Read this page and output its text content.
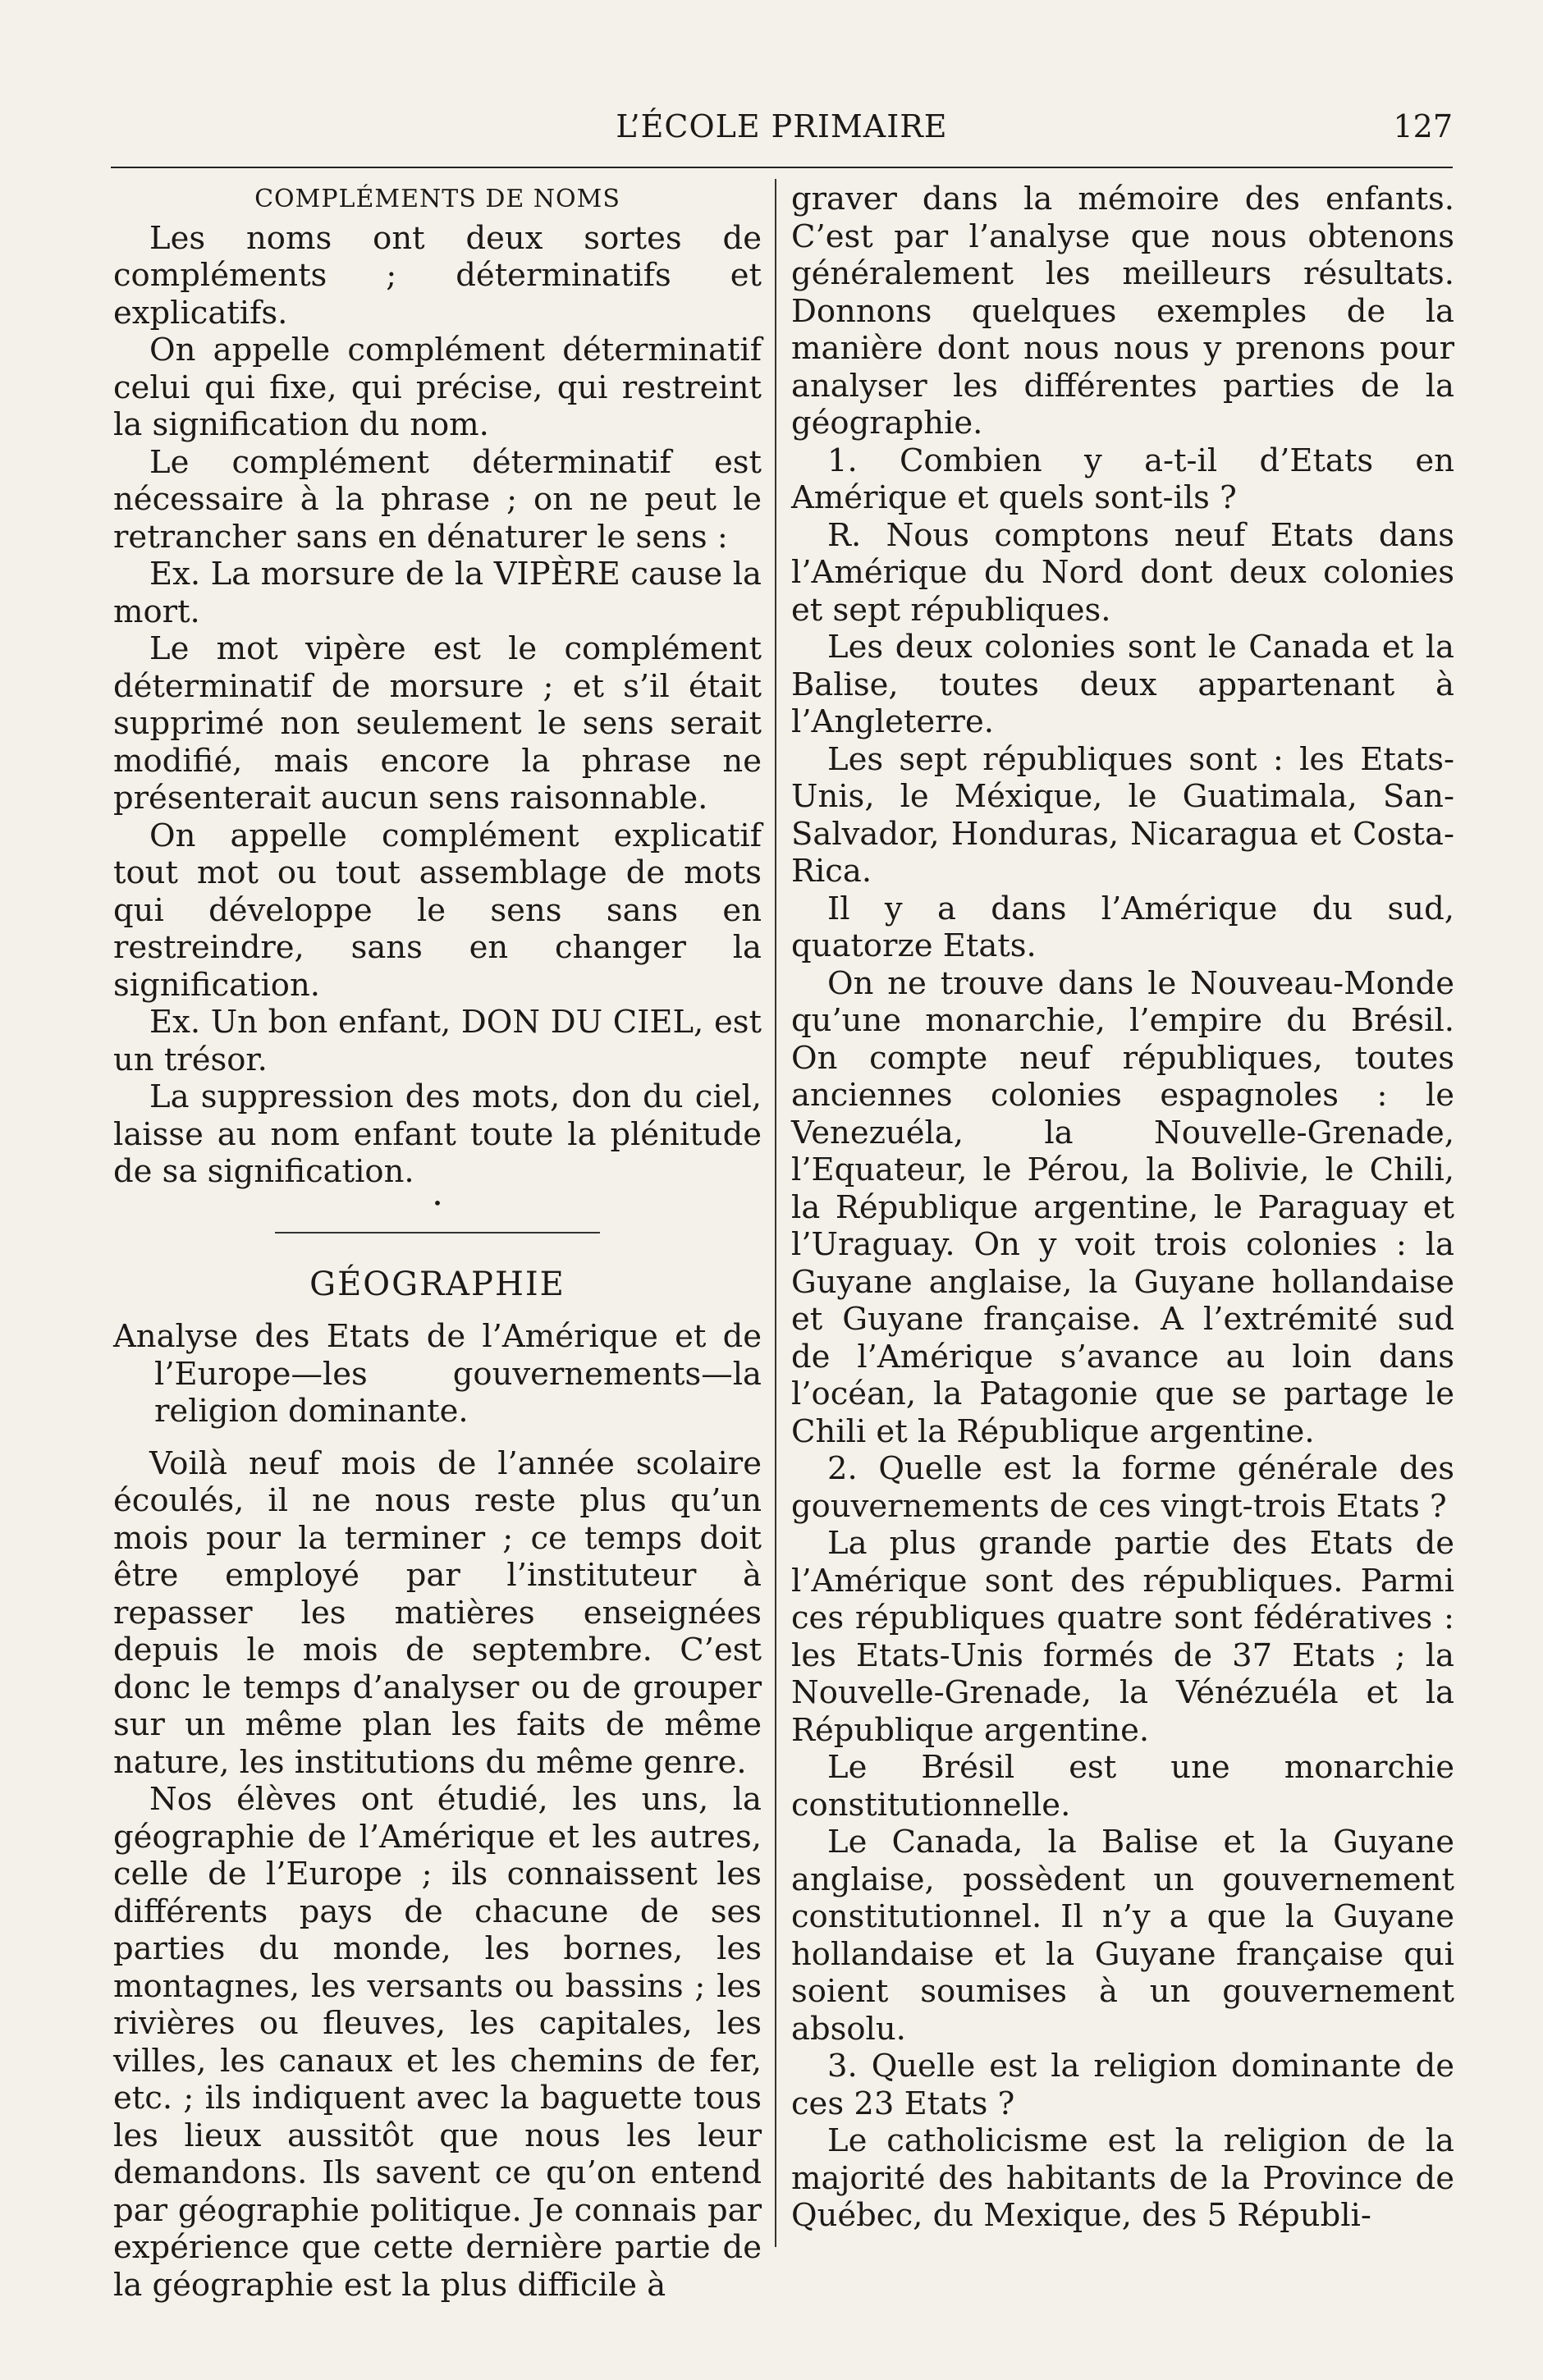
L’ÉCOLE PRIMAIRE	127
COMPLÉMENTS DE NOMS

Les noms ont deux sortes de compléments ; déterminatifs et explicatifs.

On appelle complément déterminatif celui qui fixe, qui précise, qui restreint la signification du nom.

Le complément déterminatif est nécessaire à la phrase ; on ne peut le retrancher sans en dénaturer le sens :

Ex. La morsure de la VIPÈRE cause la mort.

Le mot vipère est le complément déterminatif de morsure ; et s’il était supprimé non seulement le sens serait modifié, mais encore la phrase ne présenterait aucun sens raisonnable.

On appelle complément explicatif tout mot ou tout assemblage de mots qui développe le sens sans en restreindre, sans en changer la signification.

Ex. Un bon enfant, DON DU CIEL, est un trésor.

La suppression des mots, don du ciel, laisse au nom enfant toute la plénitude de sa signification.

•
GÉOGRAPHIE

Analyse des Etats de l’Amérique et de l’Europe—les gouvernements—la religion dominante.

Voilà neuf mois de l’année scolaire écoulés, il ne nous reste plus qu’un mois pour la terminer ; ce temps doit être employé par l’instituteur à repasser les matières enseignées depuis le mois de septembre. C’est donc le temps d’analyser ou de grouper sur un même plan les faits de même nature, les institutions du même genre.

Nos élèves ont étudié, les uns, la géographie de l’Amérique et les autres, celle de l’Europe ; ils connaissent les différents pays de chacune de ses parties du monde, les bornes, les montagnes, les versants ou bassins ; les rivières ou fleuves, les capitales, les villes, les canaux et les chemins de fer, etc. ; ils indiquent avec la baguette tous les lieux aussitôt que nous les leur demandons. Ils savent ce qu’on entend par géographie politique. Je connais par expérience que cette dernière partie de la géographie est la plus difficile à

graver dans la mémoire des enfants. C’est par l’analyse que nous obtenons généralement les meilleurs résultats. Donnons quelques exemples de la manière dont nous nous y prenons pour analyser les différentes parties de la géographie.

1. Combien y a-t-il d’Etats en Amérique et quels sont-ils ?

R. Nous comptons neuf Etats dans l’Amérique du Nord dont deux colonies et sept républiques.

Les deux colonies sont le Canada et la Balise, toutes deux appartenant à l’Angleterre.

Les sept républiques sont : les Etats-Unis, le Méxique, le Guatimala, San-Salvador, Honduras, Nicaragua et Costa-Rica.

Il y a dans l’Amérique du sud, quatorze Etats.

On ne trouve dans le Nouveau-Monde qu’une monarchie, l’empire du Brésil. On compte neuf républiques, toutes anciennes colonies espagnoles : le Venezuéla, la Nouvelle-Grenade, l’Equateur, le Pérou, la Bolivie, le Chili, la République argentine, le Paraguay et l’Uraguay. On y voit trois colonies : la Guyane anglaise, la Guyane hollandaise et Guyane française. A l’extrémité sud de l’Amérique s’avance au loin dans l’océan, la Patagonie que se partage le Chili et la République argentine.

2. Quelle est la forme générale des gouvernements de ces vingt-trois Etats ?

La plus grande partie des Etats de l’Amérique sont des républiques. Parmi ces républiques quatre sont fédératives : les Etats-Unis formés de 37 Etats ; la Nouvelle-Grenade, la Vénézuéla et la République argentine.

Le Brésil est une monarchie constitutionnelle.

Le Canada, la Balise et la Guyane anglaise, possèdent un gouvernement constitutionnel. Il n’y a que la Guyane hollandaise et la Guyane française qui soient soumises à un gouvernement absolu.

3. Quelle est la religion dominante de ces 23 Etats ?

Le catholicisme est la religion de la majorité des habitants de la Province de Québec, du Mexique, des 5 Républi-
